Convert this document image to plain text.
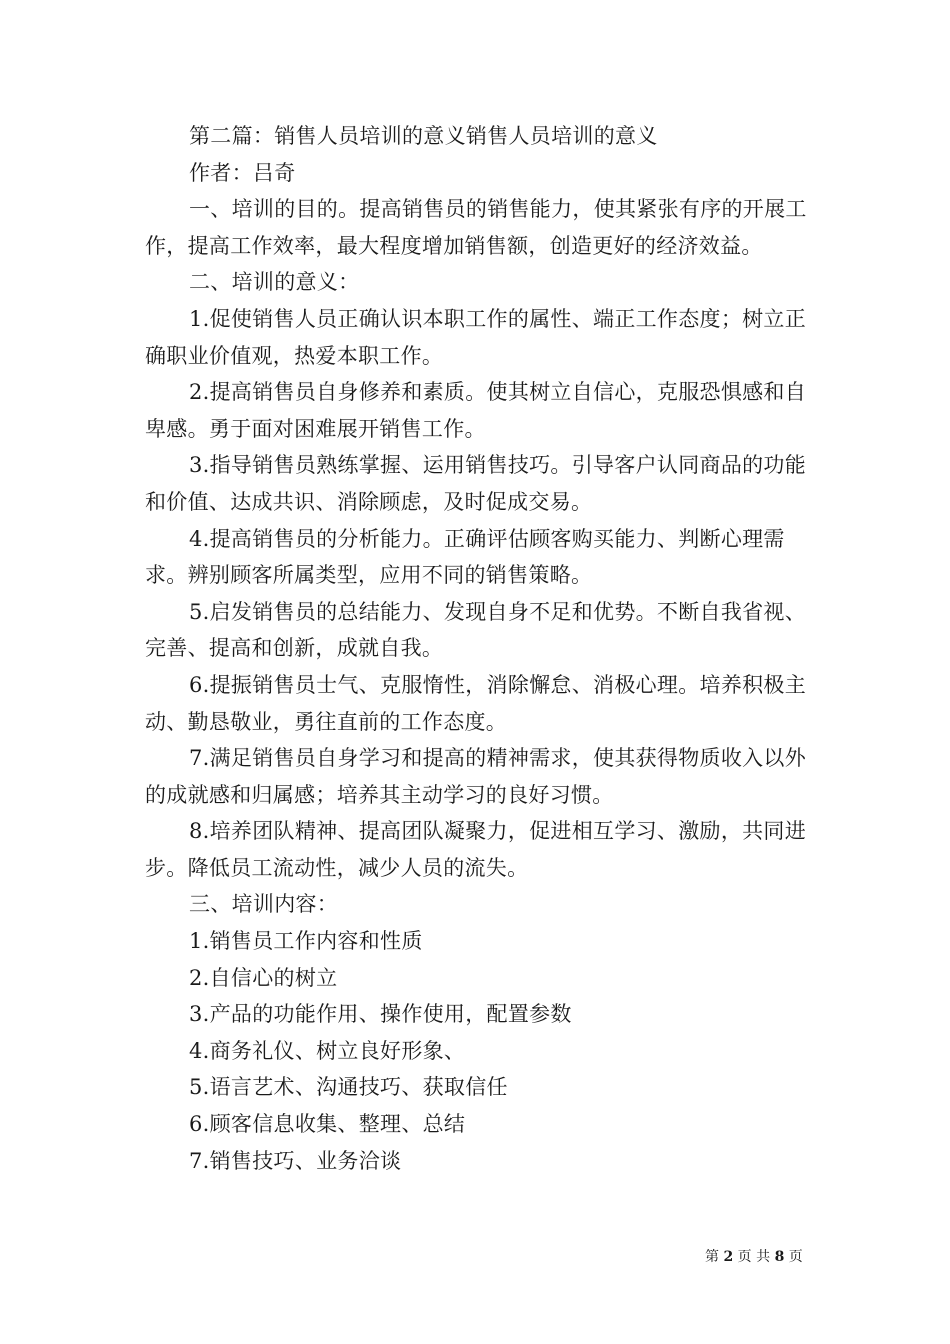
第二篇：销售人员培训的意义销售人员培训的意义

作者：吕奇

一、培训的目的。提高销售员的销售能力，使其紧张有序的开展工作，提高工作效率，最大程度增加销售额，创造更好的经济效益。

二、培训的意义：

1.促使销售人员正确认识本职工作的属性、端正工作态度；树立正确职业价值观，热爱本职工作。

2.提高销售员自身修养和素质。使其树立自信心，克服恐惧感和自卑感。勇于面对困难展开销售工作。

3.指导销售员熟练掌握、运用销售技巧。引导客户认同商品的功能和价值、达成共识、消除顾虑，及时促成交易。

4.提高销售员的分析能力。正确评估顾客购买能力、判断心理需求。辨别顾客所属类型，应用不同的销售策略。

5.启发销售员的总结能力、发现自身不足和优势。不断自我省视、完善、提高和创新，成就自我。

6.提振销售员士气、克服惰性，消除懈怠、消极心理。培养积极主动、勤恳敬业，勇往直前的工作态度。

7.满足销售员自身学习和提高的精神需求，使其获得物质收入以外的成就感和归属感；培养其主动学习的良好习惯。

8.培养团队精神、提高团队凝聚力，促进相互学习、激励，共同进步。降低员工流动性，减少人员的流失。

三、培训内容：

1.销售员工作内容和性质

2.自信心的树立

3.产品的功能作用、操作使用，配置参数

4.商务礼仪、树立良好形象、

5.语言艺术、沟通技巧、获取信任

6.顾客信息收集、整理、总结

7.销售技巧、业务洽谈

第 2 页 共 8 页
